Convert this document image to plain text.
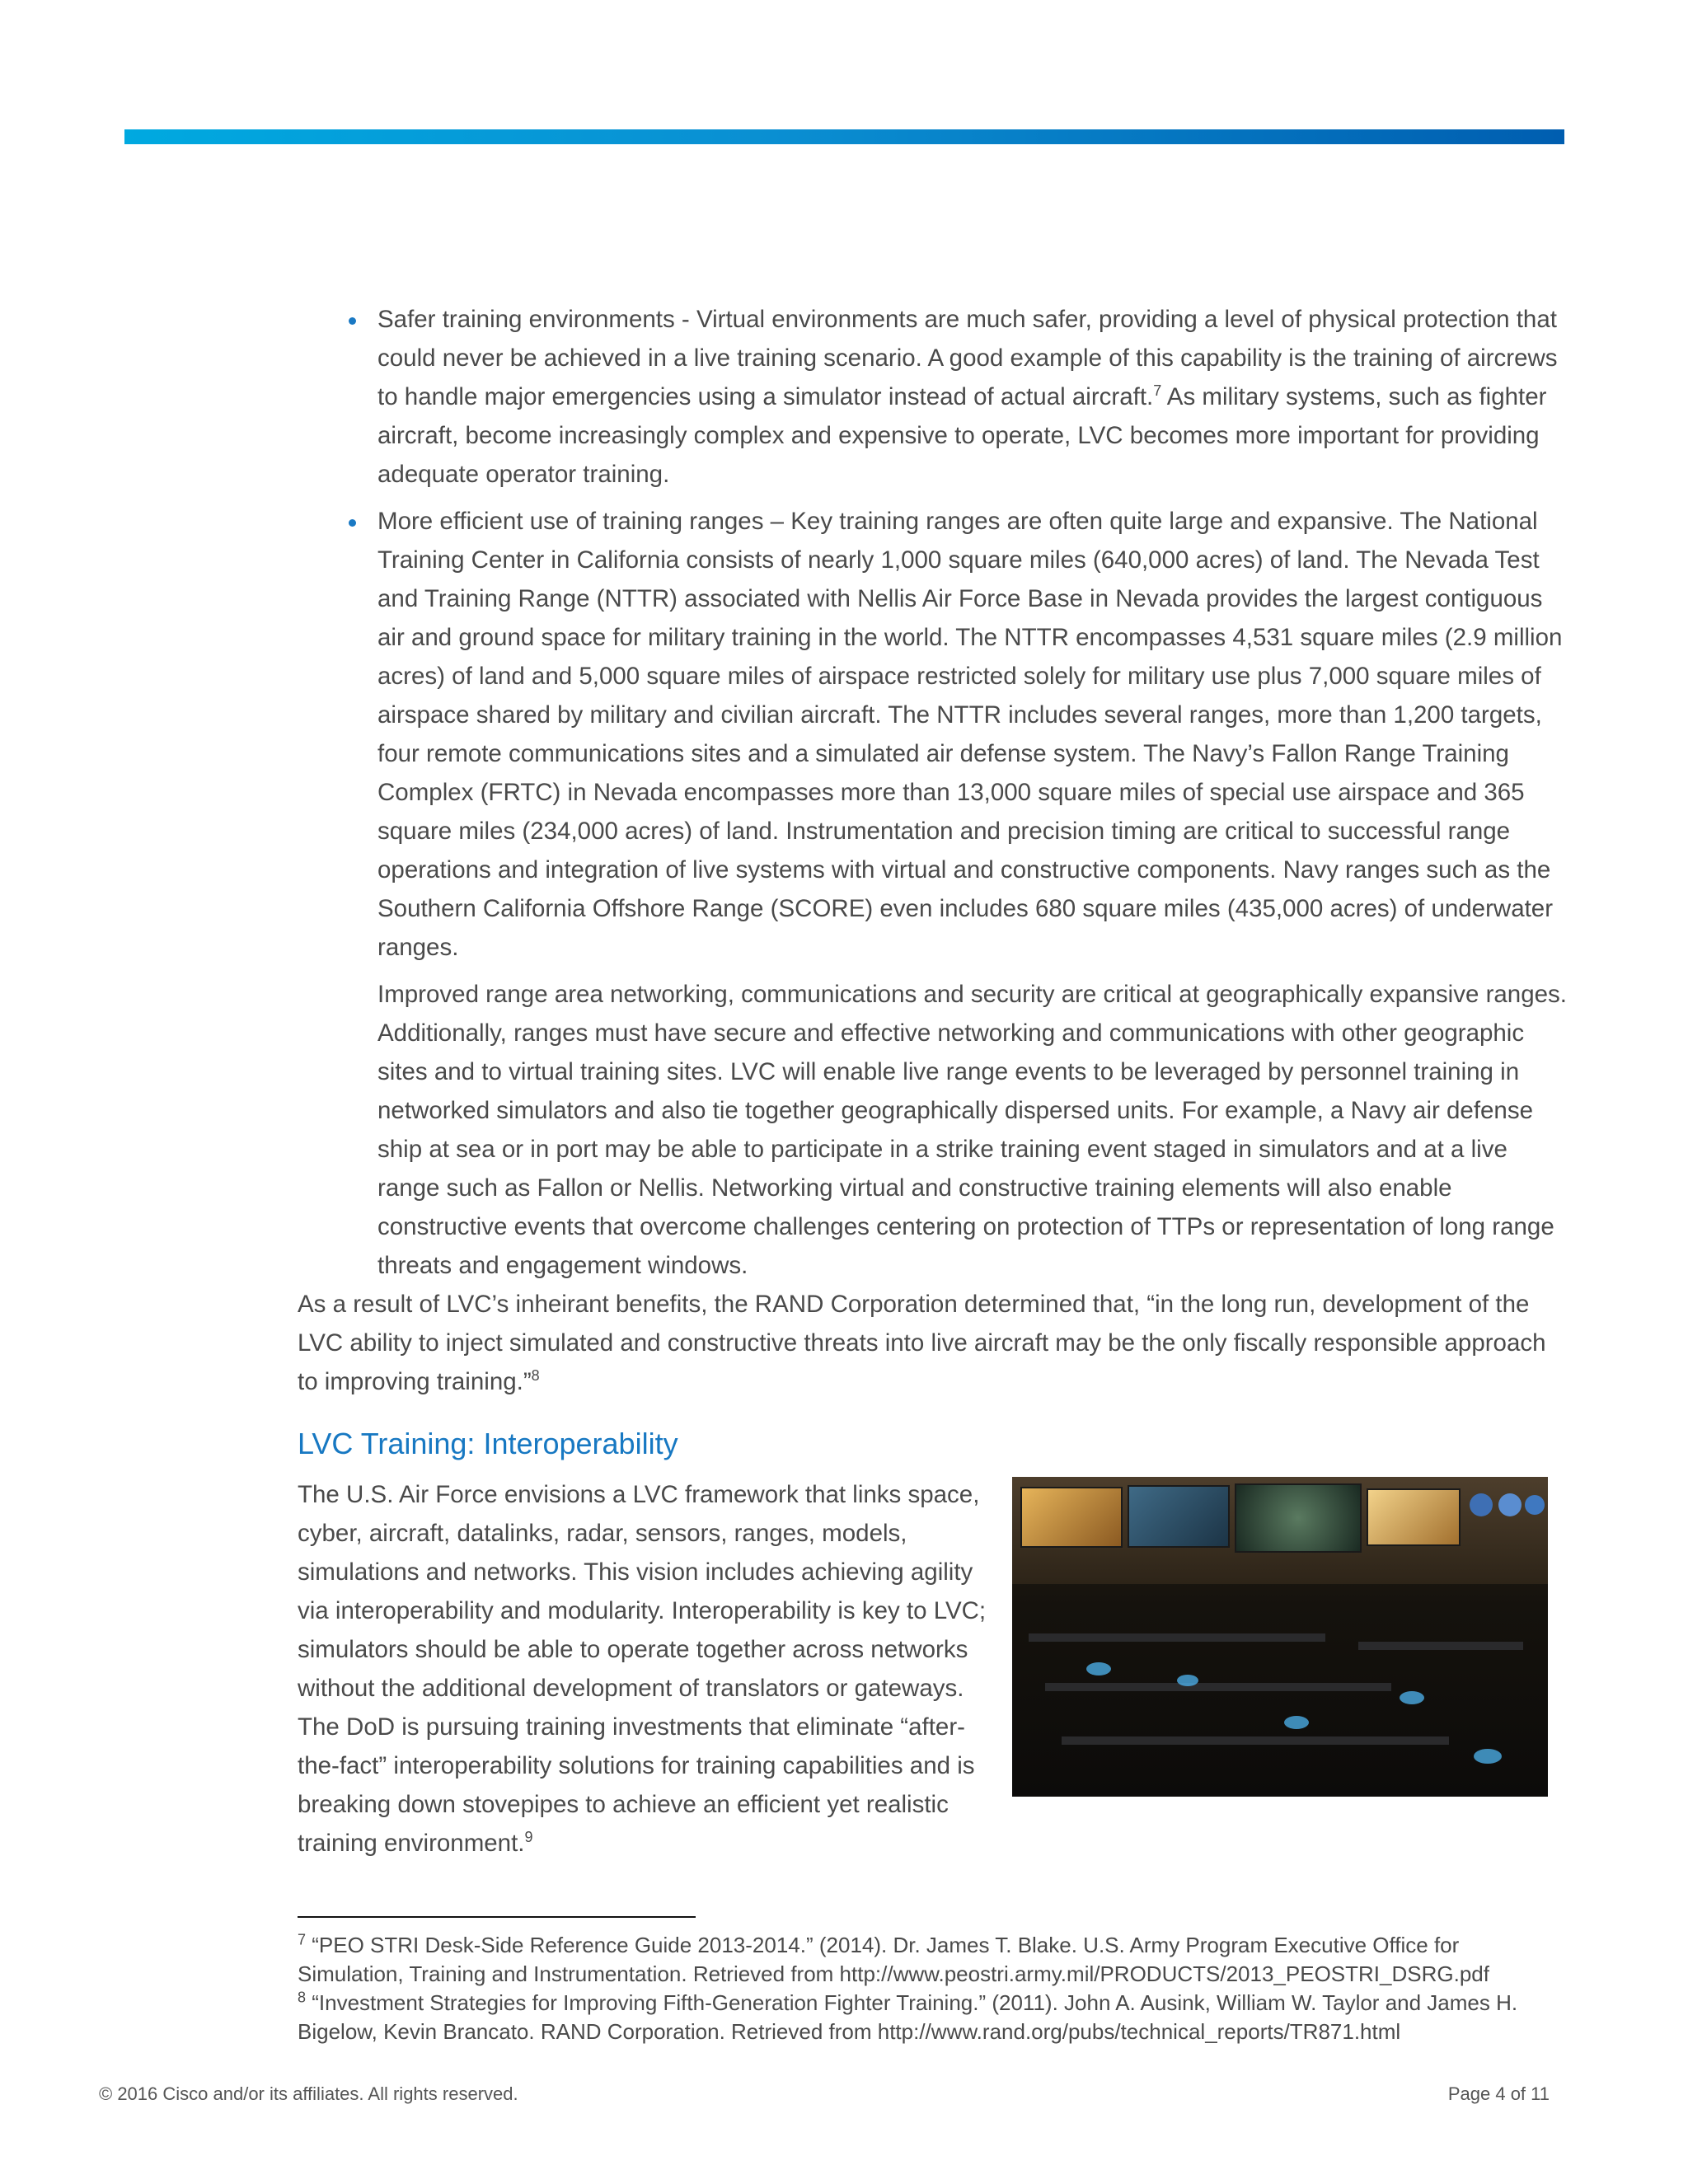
Safer training environments - Virtual environments are much safer, providing a level of physical protection that could never be achieved in a live training scenario. A good example of this capability is the training of aircrews to handle major emergencies using a simulator instead of actual aircraft.$^7$ As military systems, such as fighter aircraft, become increasingly complex and expensive to operate, LVC becomes more important for providing adequate operator training.
More efficient use of training ranges – Key training ranges are often quite large and expansive. The National Training Center in California consists of nearly 1,000 square miles (640,000 acres) of land. The Nevada Test and Training Range (NTTR) associated with Nellis Air Force Base in Nevada provides the largest contiguous air and ground space for military training in the world. The NTTR encompasses 4,531 square miles (2.9 million acres) of land and 5,000 square miles of airspace restricted solely for military use plus 7,000 square miles of airspace shared by military and civilian aircraft. The NTTR includes several ranges, more than 1,200 targets, four remote communications sites and a simulated air defense system. The Navy’s Fallon Range Training Complex (FRTC) in Nevada encompasses more than 13,000 square miles of special use airspace and 365 square miles (234,000 acres) of land. Instrumentation and precision timing are critical to successful range operations and integration of live systems with virtual and constructive components. Navy ranges such as the Southern California Offshore Range (SCORE) even includes 680 square miles (435,000 acres) of underwater ranges.

Improved range area networking, communications and security are critical at geographically expansive ranges. Additionally, ranges must have secure and effective networking and communications with other geographic sites and to virtual training sites. LVC will enable live range events to be leveraged by personnel training in networked simulators and also tie together geographically dispersed units. For example, a Navy air defense ship at sea or in port may be able to participate in a strike training event staged in simulators and at a live range such as Fallon or Nellis. Networking virtual and constructive training elements will also enable constructive events that overcome challenges centering on protection of TTPs or representation of long range threats and engagement windows.

As a result of LVC’s inheirant benefits, the RAND Corporation determined that, “in the long run, development of the LVC ability to inject simulated and constructive threats into live aircraft may be the only fiscally responsible approach to improving training.”$^8$

LVC Training: Interoperability

The U.S. Air Force envisions a LVC framework that links space, cyber, aircraft, datalinks, radar, sensors, ranges, models, simulations and networks. This vision includes achieving agility via interoperability and modularity. Interoperability is key to LVC; simulators should be able to operate together across networks without the additional development of translators or gateways. The DoD is pursuing training investments that eliminate “after-the-fact” interoperability solutions for training capabilities and is breaking down stovepipes to achieve an efficient yet realistic training environment.$^9$

$^7$ “PEO STRI Desk-Side Reference Guide 2013-2014.” (2014). Dr. James T. Blake. U.S. Army Program Executive Office for Simulation, Training and Instrumentation. Retrieved from http://www.peostri.army.mil/PRODUCTS/2013_PEOSTRI_DSRG.pdf

$^8$ “Investment Strategies for Improving Fifth-Generation Fighter Training.” (2011). John A. Ausink, William W. Taylor and James H. Bigelow, Kevin Brancato. RAND Corporation. Retrieved from http://www.rand.org/pubs/technical_reports/TR871.html

© 2016 Cisco and/or its affiliates. All rights reserved.	Page 4 of 11
